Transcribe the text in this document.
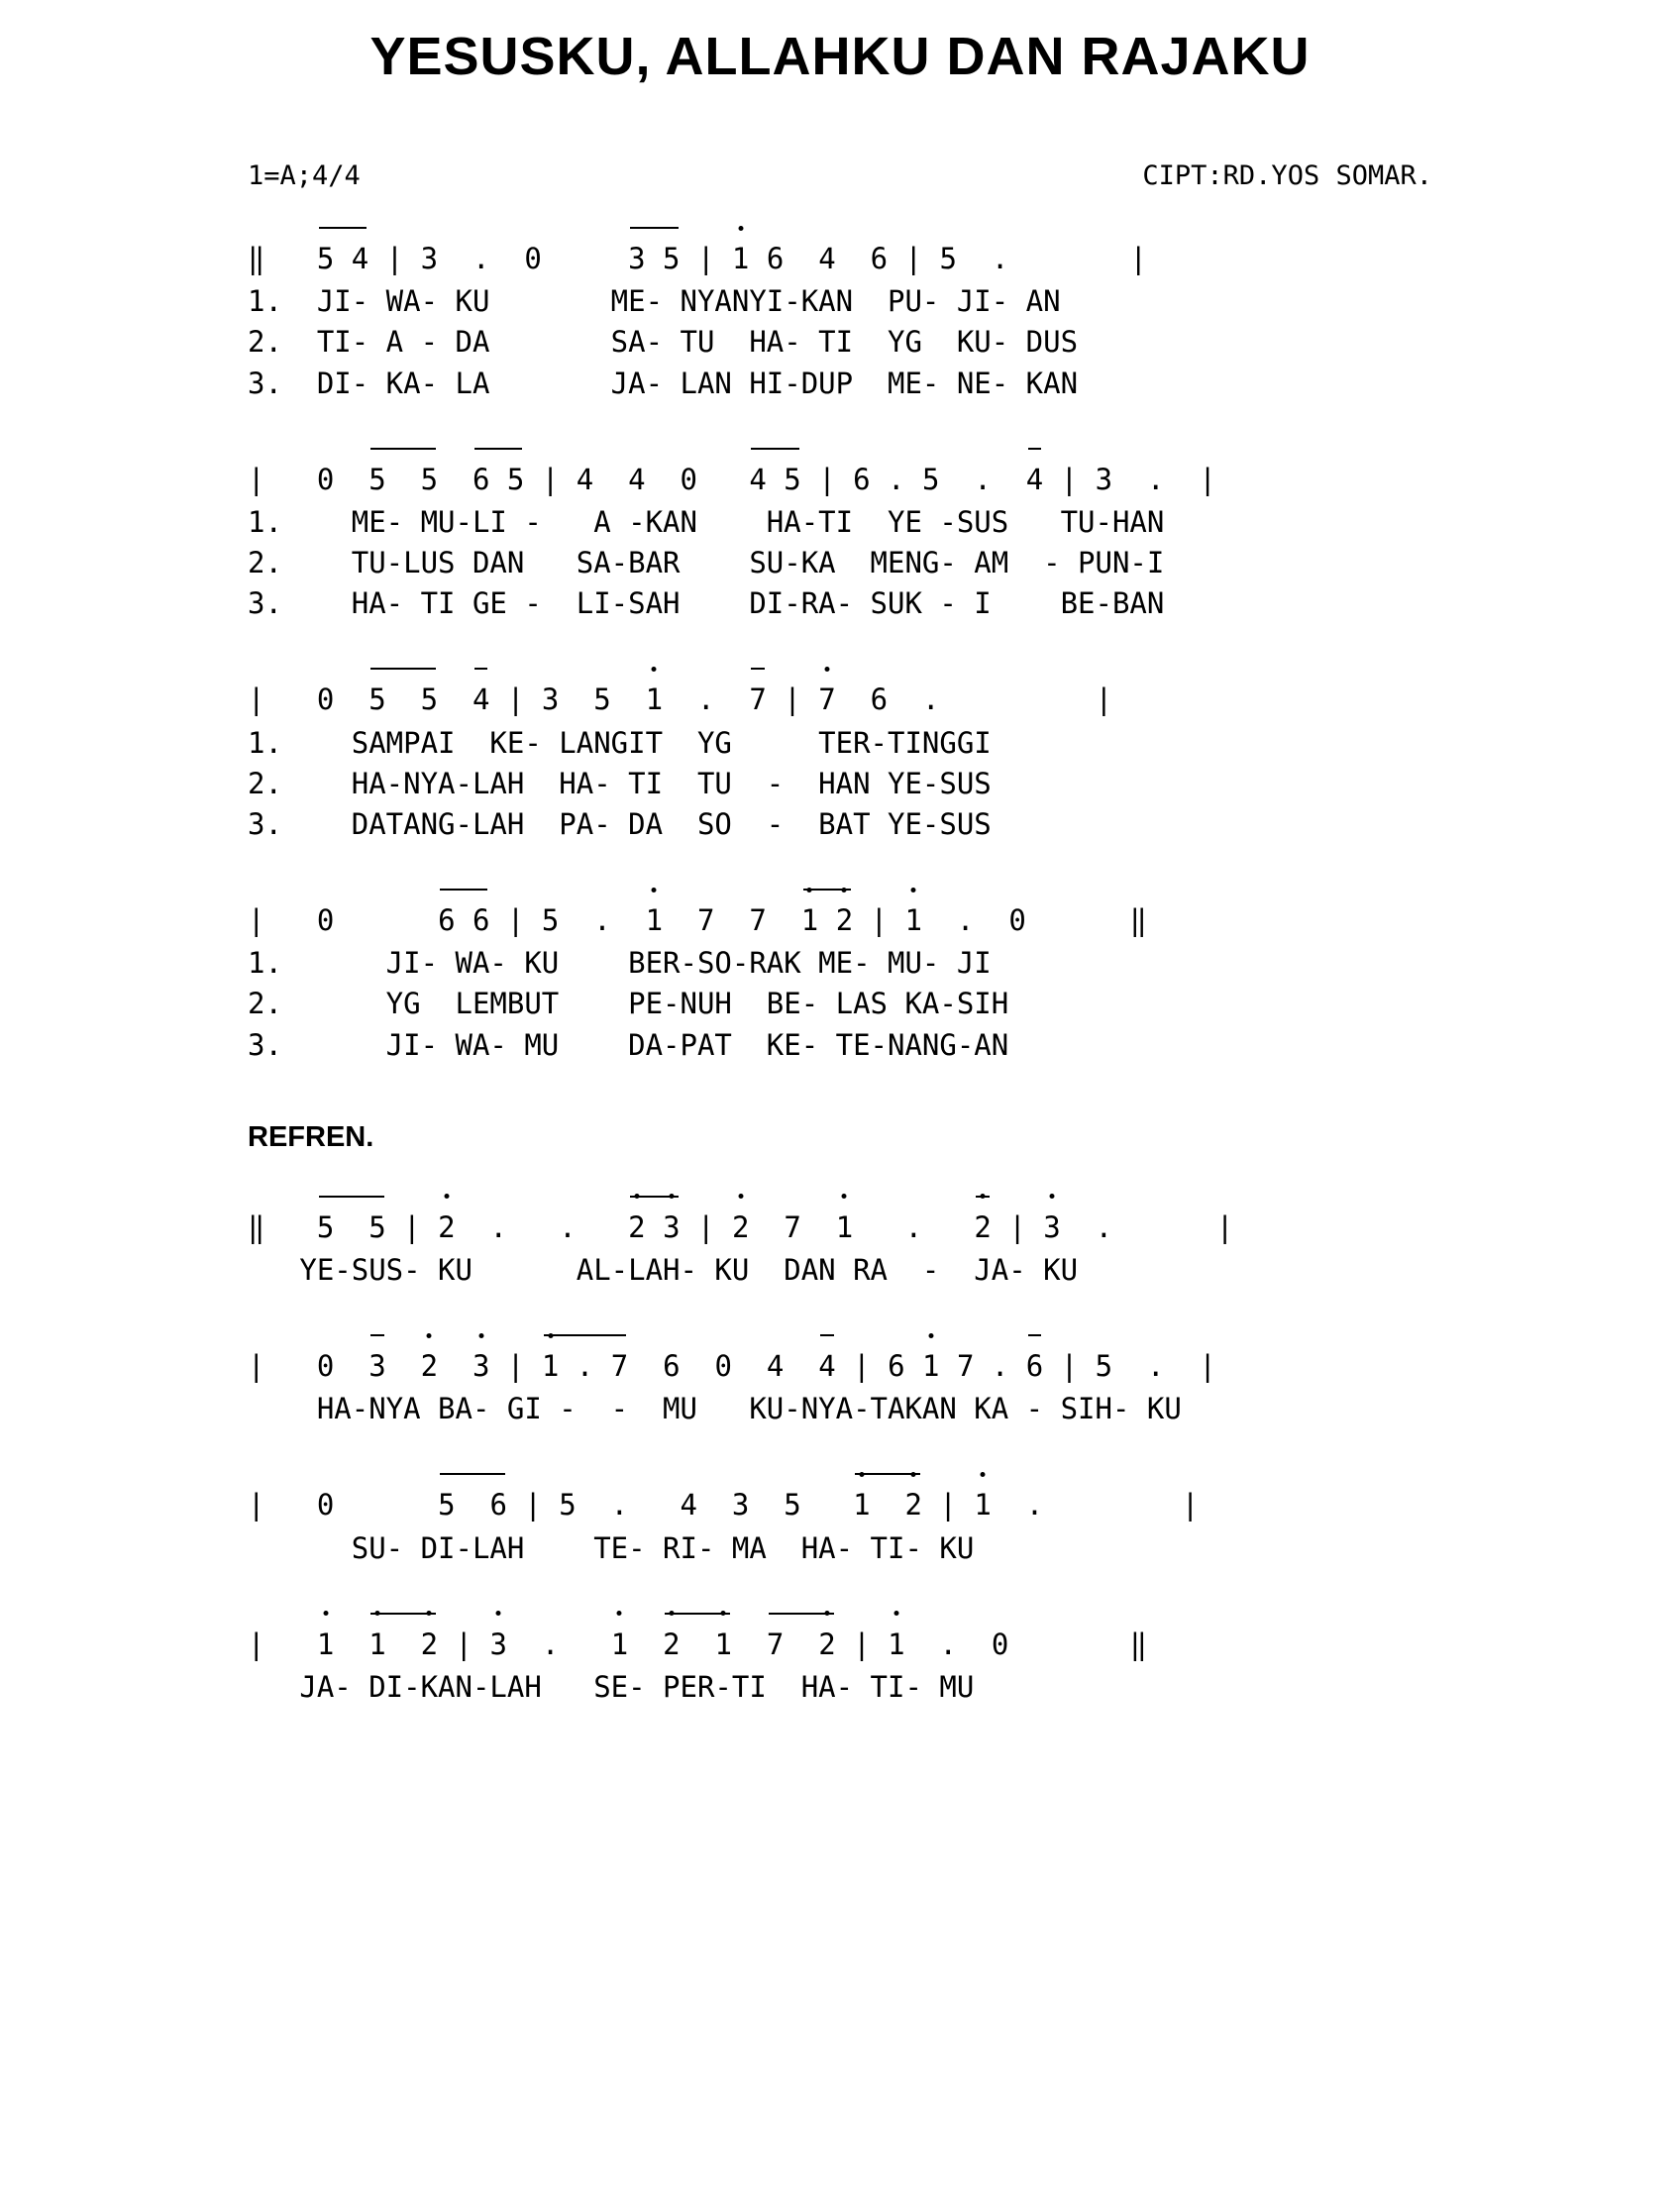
YESUSKU, ALLAHKU DAN RAJAKU
1=A;4/4	CIPT:RD.YOS SOMAR.
‖   5 4 | 3  .  0     3 5 | 1 6  4  6 | 5  .       |
1.  JI- WA- KU       ME- NYANYI-KAN  PU- JI- AN
2.  TI- A - DA       SA- TU  HA- TI  YG  KU- DUS
3.  DI- KA- LA       JA- LAN HI-DUP  ME- NE- KAN
|   0  5  5 6 5 | 4  4  0   4 5 | 6 . 5  .  4 | 3  .  |
1.    ME- MU-LI -   A -KAN    HA-TI  YE -SUS   TU-HAN
2.    TU-LUS DAN   SA-BAR    SU-KA  MENG- AM  - PUN-I
3.    HA- TI GE -  LI-SAH    DI-RA- SUK - I    BE-BAN
|   0  5  5 4 | 3  5  1  .  7 | 7  6  .         |
1.    SAMPAI  KE- LANGIT  YG     TER-TINGGI
2.    HA-NYA-LAH  HA- TI  TU  -  HAN YE-SUS
3.    DATANG-LAH  PA- DA  SO  -  BAT YE-SUS
|   0      6 6 | 5  .  1  7  7  1 2 | 1  .  0      ‖
1.      JI- WA- KU    BER-SO-RAK ME- MU- JI
2.      YG  LEMBUT    PE-NUH  BE- LAS KA-SIH
3.      JI- WA- MU    DA-PAT  KE- TE-NANG-AN
REFREN.
‖   5  5 | 2  .   .   2 3 | 2  7  1   .   2 | 3  .      |
YE-SUS- KU      AL-LAH- KU  DAN RA  -  JA- KU
|   0  3 2 3 | 1 . 7  6  0  4  4 | 6 1 7 . 6 | 5  .  |
HA-NYA BA- GI -  -  MU   KU-NYA-TAKAN KA - SIH- KU
|   0      5  6 | 5  .   4  3  5   1 2 | 1  .        |
SU- DI-LAH    TE- RI- MA  HA- TI- KU
|   1 1 2 | 3  .   1 2 1 7  2 | 1  .  0       ‖
JA- DI-KAN-LAH   SE- PER-TI  HA- TI- MU
